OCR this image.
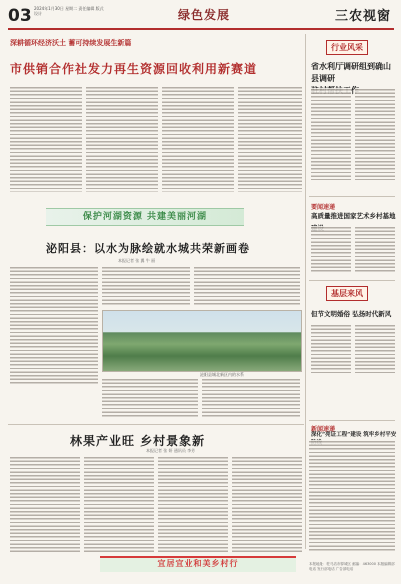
03 2024年1月30日 星期二 责任编辑 版式设计	绿色发展	三农视窗
深耕循环经济沃土 蓄可持续发展生新篇
市供销合作社发力再生资源回收利用新赛道
行业风采
省水利厅调研组到确山县调研

要闻速递
高质量推进国家艺术乡村基地
基层来风
但节文明婚俗 弘扬时代新风
新闻速递
深化“亮证工程”建设 筑牢乡村平安
保护河湖资源 共建美丽河湖
泌阳县：以水为脉绘就水城共荣新画卷
本报记者 张 翼 牛 丽
泌阳县城北新区内的水系
林果产业旺 乡村景象新
本报记者 张 妍 通讯员 李芳
宜居宜业和美乡村行	本报地址：驻马店市驿城区 邮编：463000 本版编辑部电话 发行部电话 广告部电话
